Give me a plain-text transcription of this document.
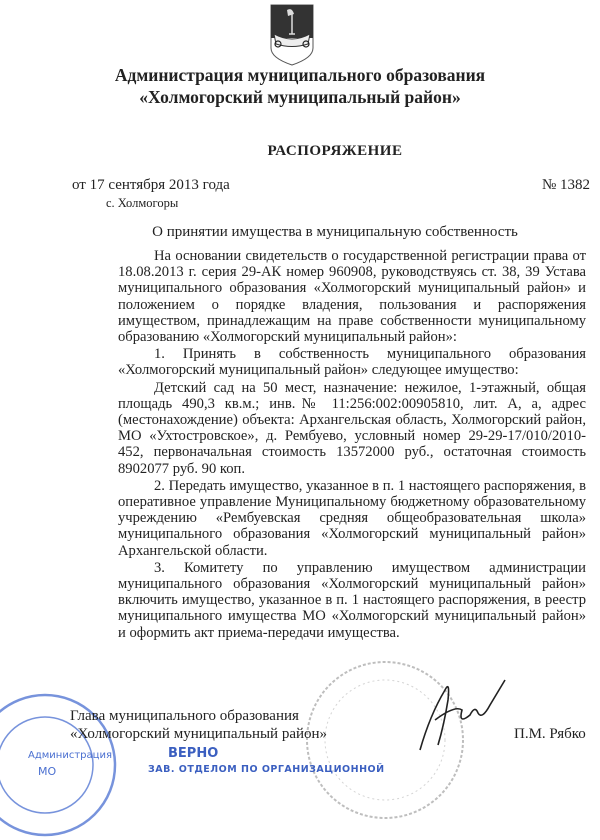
Администрация муниципального образования
«Холмогорский муниципальный район»
РАСПОРЯЖЕНИЕ
от 17 сентября 2013 года
с. Холмогоры
№ 1382
О принятии имущества в муниципальную собственность

На основании свидетельств о государственной регистрации права от 18.08.2013 г. серия 29-АК номер 960908, руководствуясь ст. 38, 39 Устава муниципального образования «Холмогорский муниципальный район» и положением о порядке владения, пользования и распоряжения имуществом, принадлежащим на праве собственности муниципальному образованию «Холмогорский муниципальный район»:

1. Принять в собственность муниципального образования «Холмогорский муниципальный район» следующее имущество:

Детский сад на 50 мест, назначение: нежилое, 1-этажный, общая площадь 490,3 кв.м.; инв.№ 11:256:002:00905810, лит. А, а, адрес (местонахождение) объекта: Архангельская область, Холмогорский район, МО «Ухтостровское», д. Рембуево, условный номер 29-29-17/010/2010-452, первоначальная стоимость 13572000 руб., остаточная стоимость 8902077 руб. 90 коп.

2. Передать имущество, указанное в п. 1 настоящего распоряжения, в оперативное управление Муниципальному бюджетному образовательному учреждению «Рембуевская средняя общеобразовательная школа» муниципального образования «Холмогорский муниципальный район» Архангельской области.

3. Комитету по управлению имуществом администрации муниципального образования «Холмогорский муниципальный район» включить имущество, указанное в п. 1 настоящего распоряжения, в реестр муниципального имущества МО «Холмогорский муниципальный район» и оформить акт приема-передачи имущества.

Администрация
МО
Глава муниципального образования
«Холмогорский муниципальный район»
ВЕРНО
ЗАВ. ОТДЕЛОМ ПО ОРГАНИЗАЦИОННОЙ
П.М. Рябко
